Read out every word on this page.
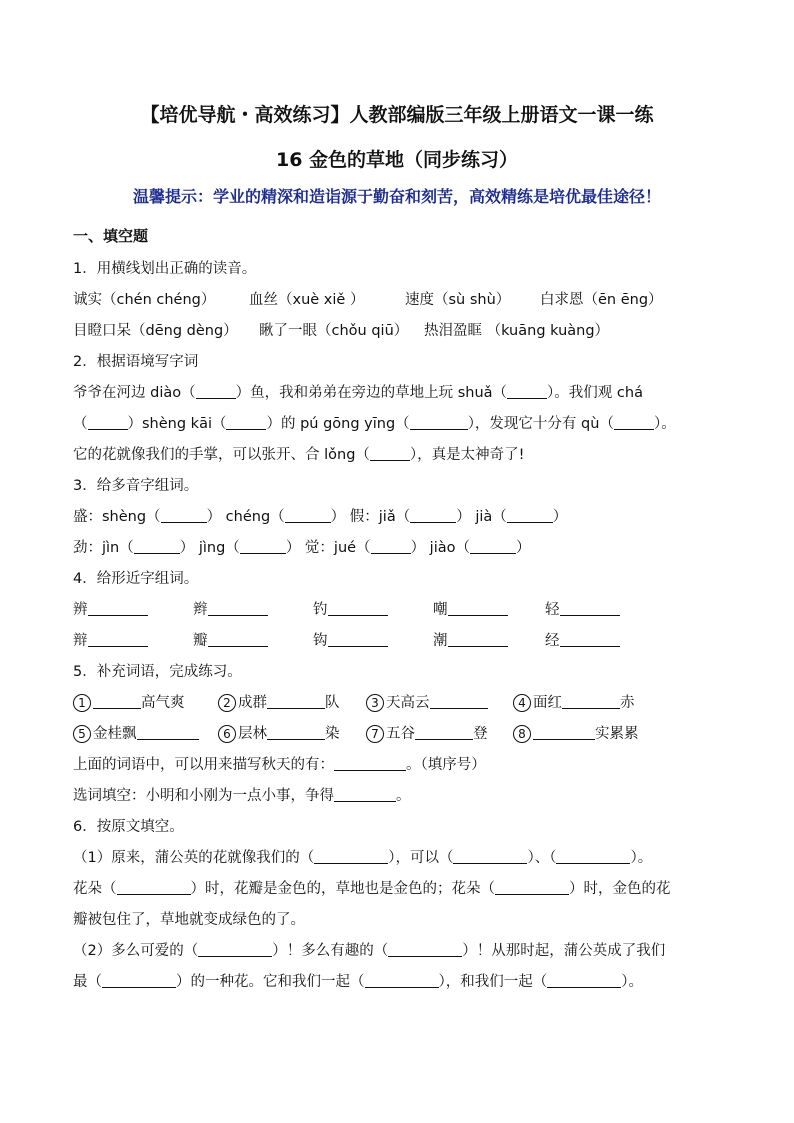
【培优导航・高效练习】人教部编版三年级上册语文一课一练
16 金色的草地（同步练习）
温馨提示：学业的精深和造诣源于勤奋和刻苦，高效精练是培优最佳途径！
一、填空题
1．用横线划出正确的读音。
诚实（chén chéng） 血丝（xuè xiě ）	速度（sù shù） 白求恩（ēn ēng）
目瞪口呆（dēng dèng） 瞅了一眼（chǒu qiū） 热泪盈眶 （kuāng kuàng）
2．根据语境写字词
爷爷在河边 diào（	）鱼，我和弟弟在旁边的草地上玩 shuǎ（	）。我们观 chá
（	）shèng kāi（	）的 pú gōng yīng（	），发现它十分有 qù（	）。
它的花就像我们的手掌，可以张开、合 lǒng（	），真是太神奇了!
3．给多音字组词。
盛：shèng（	） chéng（	） 假：jiǎ（	） jià（	）
劲：jìn（	） jìng（	） 觉：jué（	） jiào（	）
4．给形近字组词。
辨	辫	钓	嘲	轻
辩	瓣	钩	潮	经
5．补充词语，完成练习。
1	高气爽	2 成群	队	3 天高云	4 面红	赤
5 金桂飘	6 层林	染	7 五谷	登	8	实累累
上面的词语中，可以用来描写秋天的有：	。（填序号）
选词填空：小明和小刚为一点小事，争得	。
6．按原文填空。
（1）原来，蒲公英的花就像我们的（	），可以（	）、（	）。
花朵（	）时，花瓣是金色的，草地也是金色的；花朵（	）时，金色的花
瓣被包住了，草地就变成绿色的了。
（2）多么可爱的（	）！多么有趣的（	）！从那时起，蒲公英成了我们
最（	）的一种花。它和我们一起（	），和我们一起（	）。
